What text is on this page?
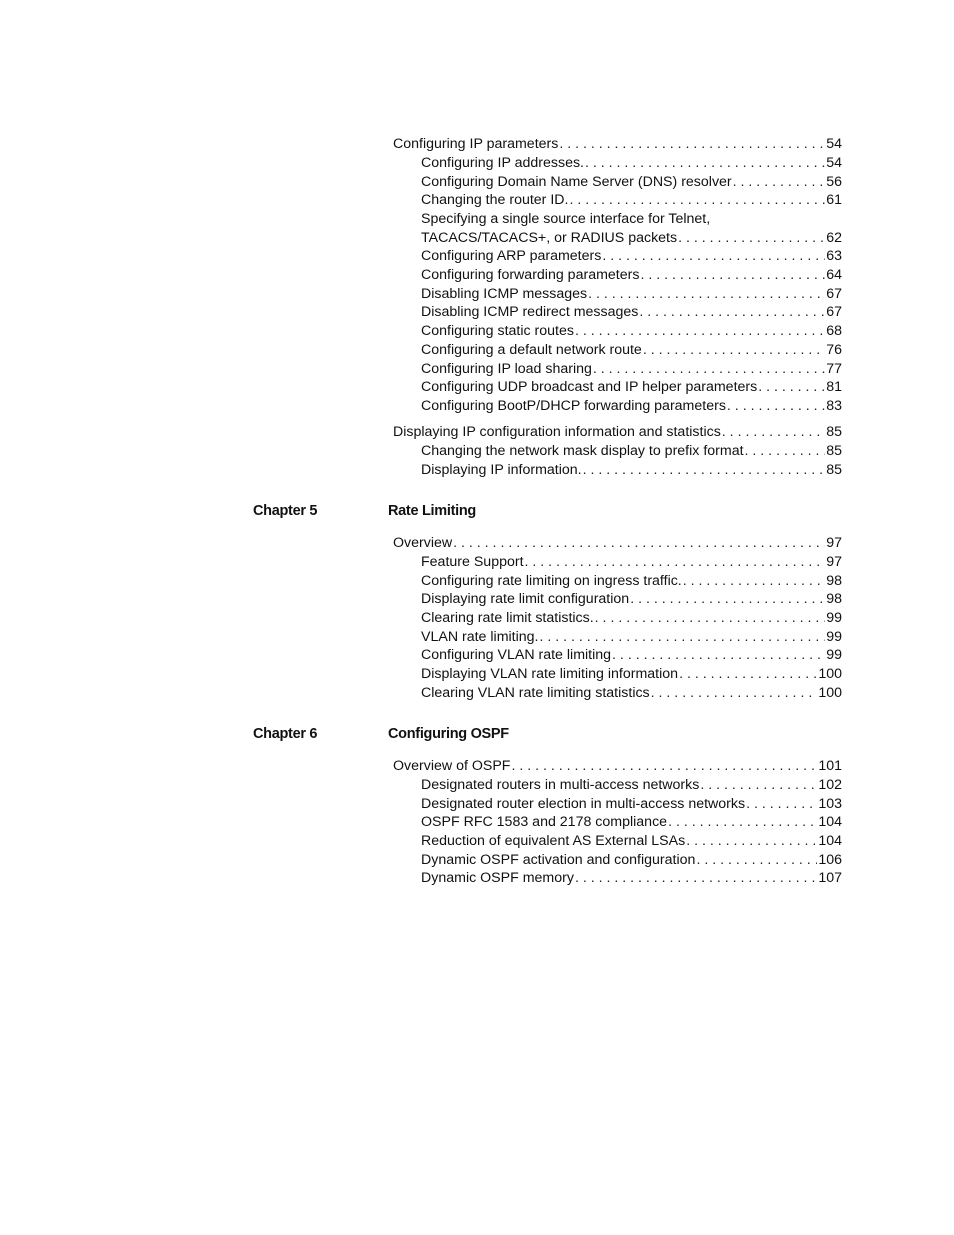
Configuring IP parameters . . .	54
Configuring IP addresses. . . .	54
Configuring Domain Name Server (DNS) resolver . . .	56
Changing the router ID. . . .	61
Specifying a single source interface for Telnet,
TACACS/TACACS+, or RADIUS packets . . .	62
Configuring ARP parameters . . .	63
Configuring forwarding parameters . . .	64
Disabling ICMP messages . . .	67
Disabling ICMP redirect messages . . .	67
Configuring static routes . . .	68
Configuring a default network route . . .	76
Configuring IP load sharing . . .	77
Configuring UDP broadcast and IP helper parameters . . .	81
Configuring BootP/DHCP forwarding parameters . . .	83
Displaying IP configuration information and statistics . . .	85
Changing the network mask display to prefix format . . .	85
Displaying IP information. . . .	85
Chapter 5	Rate Limiting
Overview . . .	97
Feature Support . . .	97
Configuring rate limiting on ingress traffic. . . .	98
Displaying rate limit configuration . . .	98
Clearing rate limit statistics. . . .	99
VLAN rate limiting. . . .	99
Configuring VLAN rate limiting . . .	99
Displaying VLAN rate limiting information . . .	100
Clearing VLAN rate limiting statistics . . .	100
Chapter 6	Configuring OSPF
Overview of OSPF . . .	101
Designated routers in multi-access networks . . .	102
Designated router election in multi-access networks . . .	103
OSPF RFC 1583 and 2178 compliance . . .	104
Reduction of equivalent AS External LSAs . . .	104
Dynamic OSPF activation and configuration . . .	106
Dynamic OSPF memory . . .	107
